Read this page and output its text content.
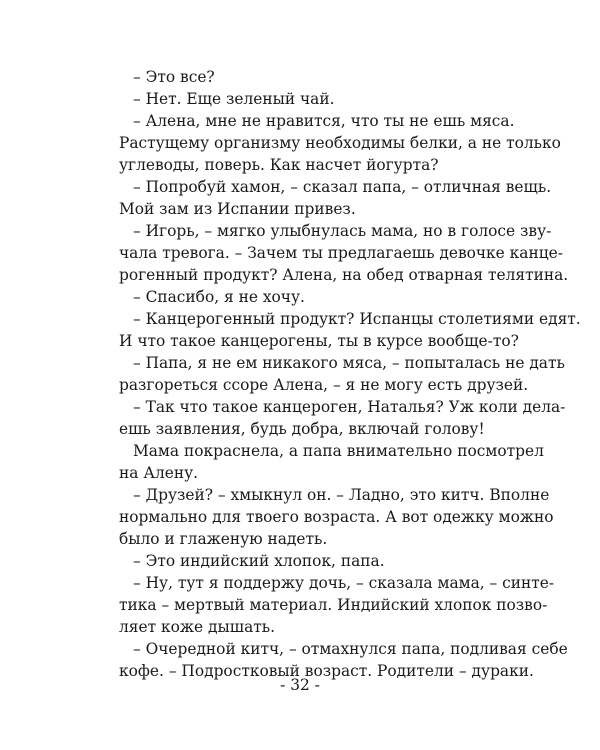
– Это все?
– Нет. Еще зеленый чай.
– Алена, мне не нравится, что ты не ешь мяса.
Растущему организму необходимы белки, а не только
углеводы, поверь. Как насчет йогурта?
– Попробуй хамон, – сказал папа, – отличная вещь.
Мой зам из Испании привез.
– Игорь, – мягко улыбнулась мама, но в голосе зву-
чала тревога. – Зачем ты предлагаешь девочке канце-
рогенный продукт? Алена, на обед отварная телятина.
– Спасибо, я не хочу.
– Канцерогенный продукт? Испанцы столетиями едят.
И что такое канцерогены, ты в курсе вообще-то?
– Папа, я не ем никакого мяса, – попыталась не дать
разгореться ссоре Алена, – я не могу есть друзей.
– Так что такое канцероген, Наталья? Уж коли дела-
ешь заявления, будь добра, включай голову!
Мама покраснела, а папа внимательно посмотрел
на Алену.
– Друзей? – хмыкнул он. – Ладно, это китч. Вполне
нормально для твоего возраста. А вот одежку можно
было и глаженую надеть.
– Это индийский хлопок, папа.
– Ну, тут я поддержу дочь, – сказала мама, – синте-
тика – мертвый материал. Индийский хлопок позво-
ляет коже дышать.
– Очередной китч, – отмахнулся папа, подливая себе
кофе. – Подростковый возраст. Родители – дураки.
- 32 -
